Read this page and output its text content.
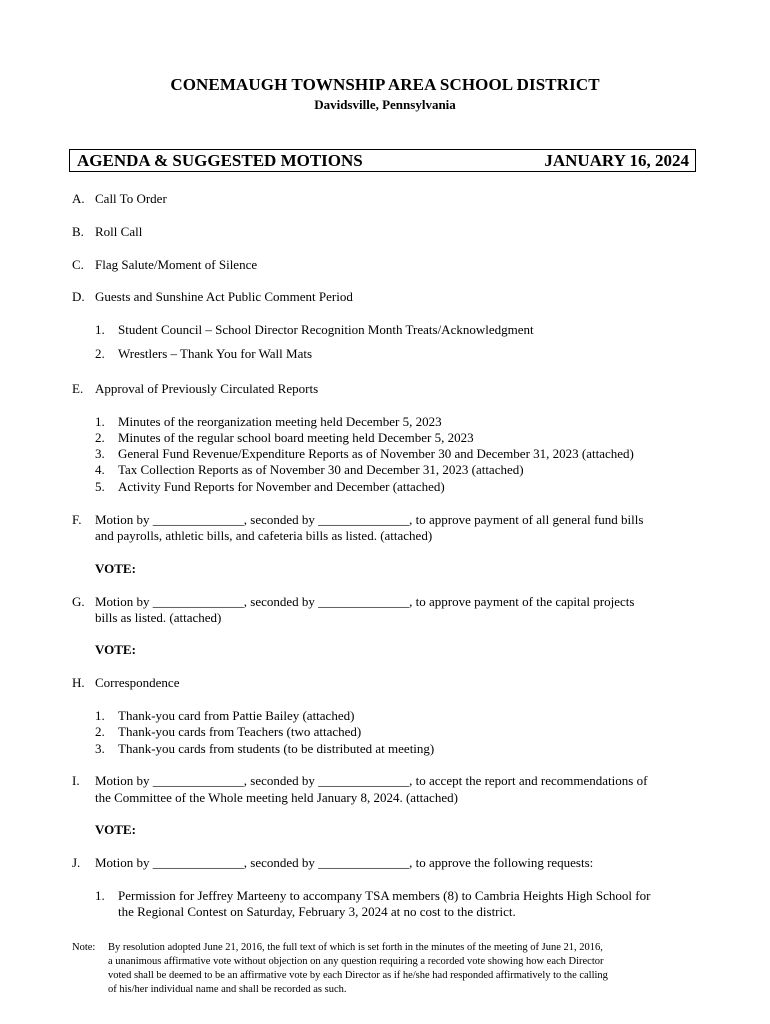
CONEMAUGH TOWNSHIP AREA SCHOOL DISTRICT
Davidsville, Pennsylvania
AGENDA & SUGGESTED MOTIONS	JANUARY 16, 2024
A. Call To Order
B. Roll Call
C. Flag Salute/Moment of Silence
D. Guests and Sunshine Act Public Comment Period
1. Student Council – School Director Recognition Month Treats/Acknowledgment
2. Wrestlers – Thank You for Wall Mats
E. Approval of Previously Circulated Reports
1. Minutes of the reorganization meeting held December 5, 2023
2. Minutes of the regular school board meeting held December 5, 2023
3. General Fund Revenue/Expenditure Reports as of November 30 and December 31, 2023 (attached)
4. Tax Collection Reports as of November 30 and December 31, 2023 (attached)
5. Activity Fund Reports for November and December (attached)
F. Motion by ______________, seconded by ______________, to approve payment of all general fund bills
and payrolls, athletic bills, and cafeteria bills as listed. (attached)
VOTE:
G. Motion by ______________, seconded by ______________, to approve payment of the capital projects
bills as listed. (attached)
VOTE:
H. Correspondence
1. Thank-you card from Pattie Bailey (attached)
2. Thank-you cards from Teachers (two attached)
3. Thank-you cards from students (to be distributed at meeting)
I. Motion by ______________, seconded by ______________, to accept the report and recommendations of
the Committee of the Whole meeting held January 8, 2024. (attached)
VOTE:
J. Motion by ______________, seconded by ______________, to approve the following requests:
1. Permission for Jeffrey Marteeny to accompany TSA members (8) to Cambria Heights High School for
the Regional Contest on Saturday, February 3, 2024 at no cost to the district.
Note: By resolution adopted June 21, 2016, the full text of which is set forth in the minutes of the meeting of June 21, 2016,
a unanimous affirmative vote without objection on any question requiring a recorded vote showing how each Director
voted shall be deemed to be an affirmative vote by each Director as if he/she had responded affirmatively to the calling
of his/her individual name and shall be recorded as such.
